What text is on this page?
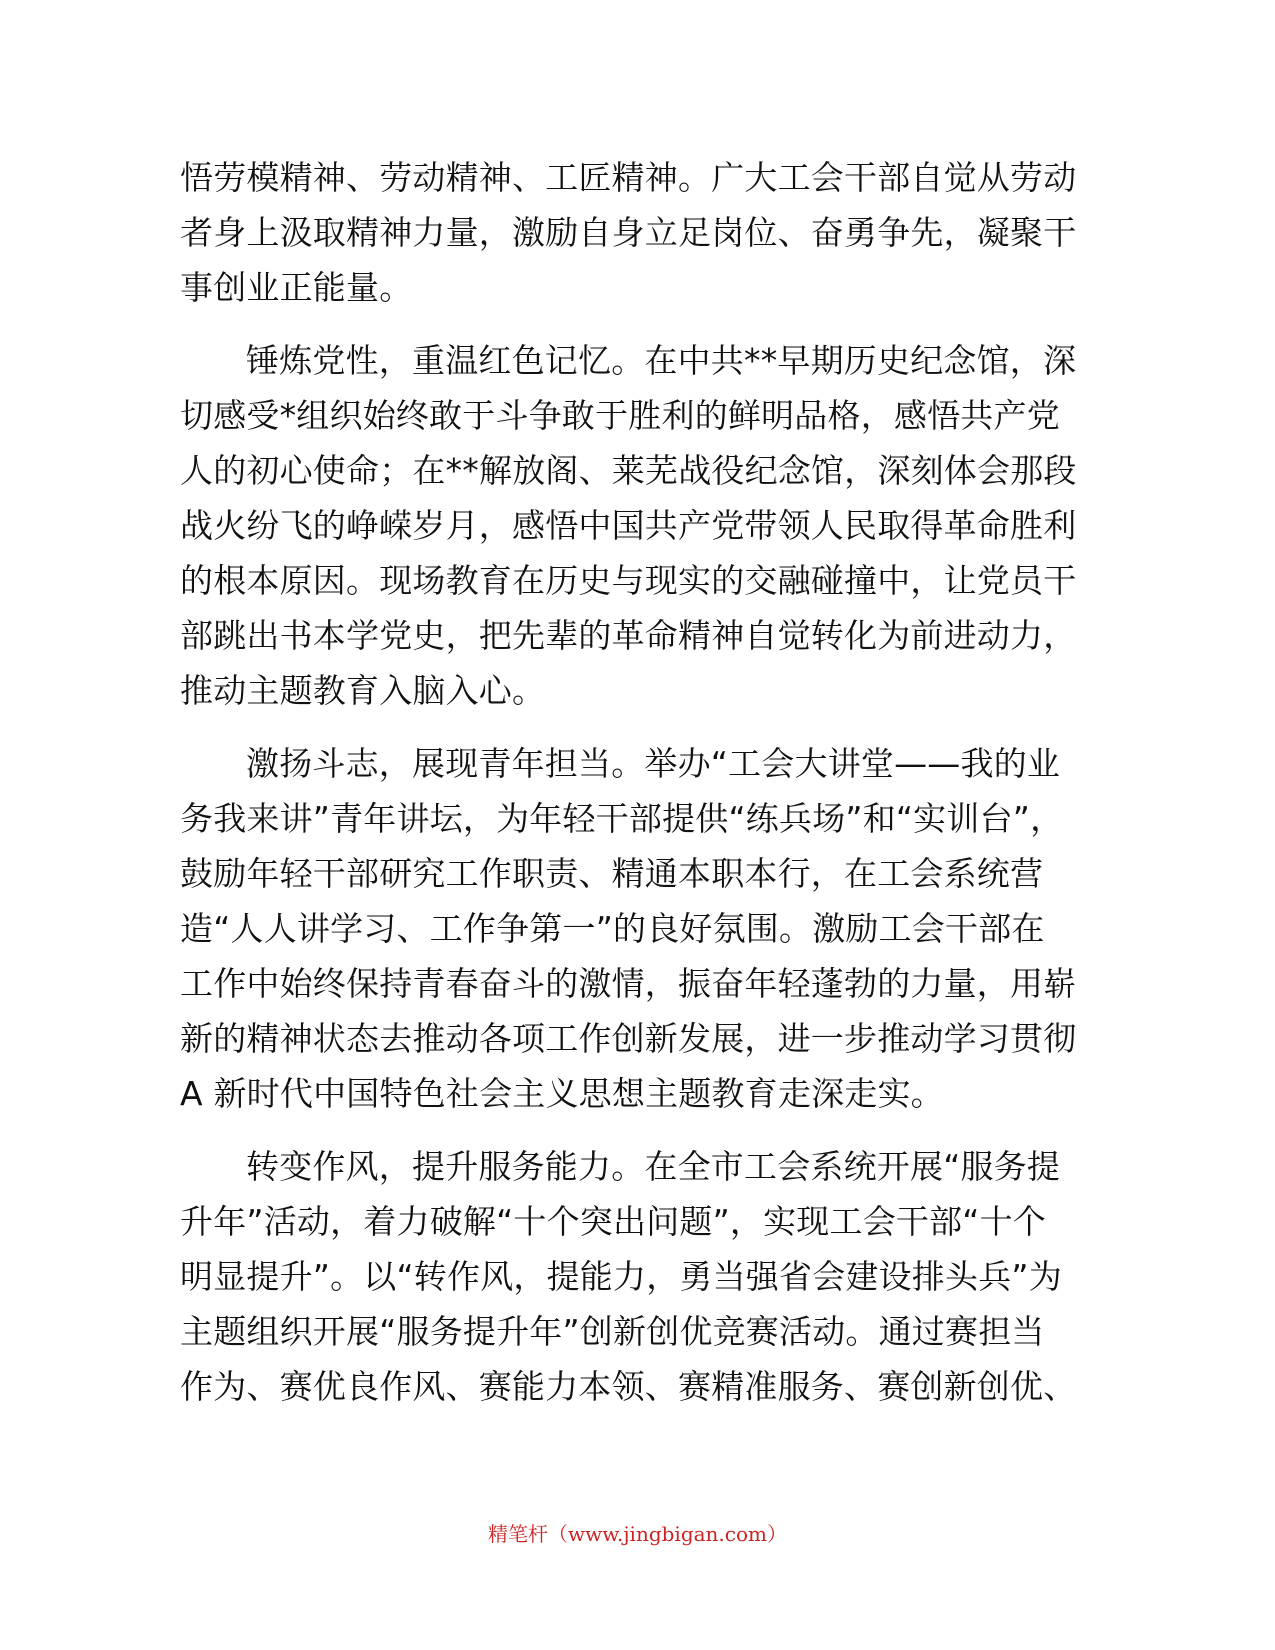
悟劳模精神、劳动精神、工匠精神。广大工会干部自觉从劳动
者身上汲取精神力量，激励自身立足岗位、奋勇争先，凝聚干
事创业正能量。
锤炼党性，重温红色记忆。在中共**早期历史纪念馆，深
切感受*组织始终敢于斗争敢于胜利的鲜明品格，感悟共产党
人的初心使命；在**解放阁、莱芜战役纪念馆，深刻体会那段
战火纷飞的峥嵘岁月，感悟中国共产党带领人民取得革命胜利
的根本原因。现场教育在历史与现实的交融碰撞中，让党员干
部跳出书本学党史，把先辈的革命精神自觉转化为前进动力，
推动主题教育入脑入心。
激扬斗志，展现青年担当。举办“工会大讲堂——我的业
务我来讲”青年讲坛，为年轻干部提供“练兵场”和“实训台”，
鼓励年轻干部研究工作职责、精通本职本行，在工会系统营
造“人人讲学习、工作争第一”的良好氛围。激励工会干部在
工作中始终保持青春奋斗的激情，振奋年轻蓬勃的力量，用崭
新的精神状态去推动各项工作创新发展，进一步推动学习贯彻
A 新时代中国特色社会主义思想主题教育走深走实。
转变作风，提升服务能力。在全市工会系统开展“服务提
升年”活动，着力破解“十个突出问题”，实现工会干部“十个
明显提升”。以“转作风，提能力，勇当强省会建设排头兵”为
主题组织开展“服务提升年”创新创优竞赛活动。通过赛担当
作为、赛优良作风、赛能力本领、赛精准服务、赛创新创优、
精笔杆（www.jingbigan.com）
